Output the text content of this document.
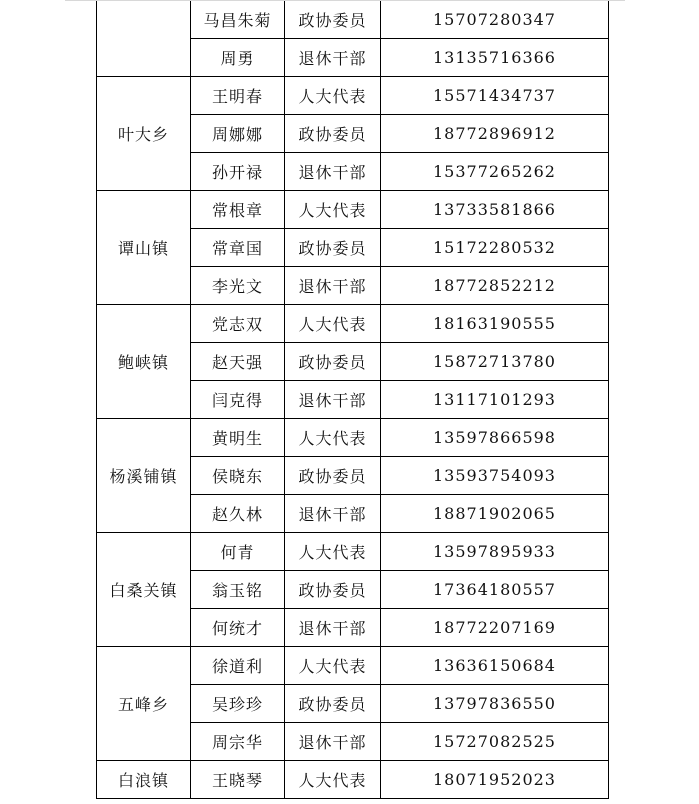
	马昌朱菊	政协委员	15707280347
	周勇	退休干部	13135716366
叶大乡	王明春	人大代表	15571434737
	周娜娜	政协委员	18772896912
	孙开禄	退休干部	15377265262
谭山镇	常根章	人大代表	13733581866
	常章国	政协委员	15172280532
	李光文	退休干部	18772852212
鲍峡镇	党志双	人大代表	18163190555
	赵天强	政协委员	15872713780
	闫克得	退休干部	13117101293
杨溪铺镇	黄明生	人大代表	13597866598
	侯晓东	政协委员	13593754093
	赵久林	退休干部	18871902065
白桑关镇	何青	人大代表	13597895933
	翁玉铭	政协委员	17364180557
	何统才	退休干部	18772207169
五峰乡	徐道利	人大代表	13636150684
	吴珍珍	政协委员	13797836550
	周宗华	退休干部	15727082525
白浪镇	王晓琴	人大代表	18071952023
